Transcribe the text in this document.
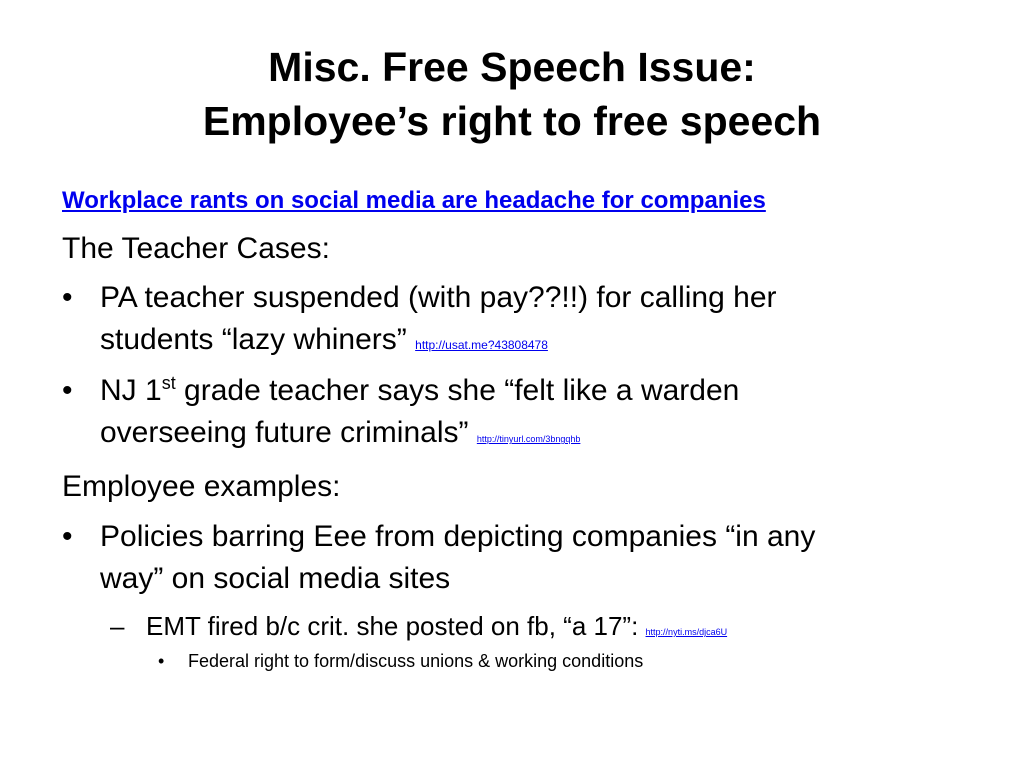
Misc. Free Speech Issue:
Employee’s right to free speech
Workplace rants on social media are headache for companies
The Teacher Cases:
• PA teacher suspended (with pay??!!) for calling her
students “lazy whiners” http://usat.me?43808478
• NJ 1st grade teacher says she “felt like a warden
overseeing future criminals” http://tinyurl.com/3bngqhb
Employee examples:
• Policies barring Eee from depicting companies “in any
way” on social media sites
– EMT fired b/c crit. she posted on fb, “a 17”: http://nyti.ms/djca6U
• Federal right to form/discuss unions & working conditions
